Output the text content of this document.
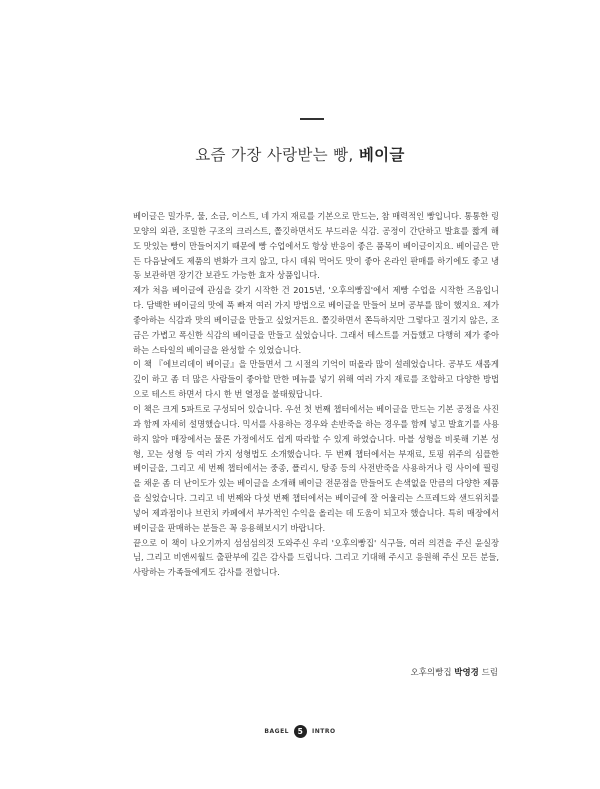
요즘 가장 사랑받는 빵, 베이글

베이글은 밀가루, 물, 소금, 이스트, 네 가지 재료를 기본으로 만드는, 참 매력적인 빵입니다. 통통한 링 모양의 외관, 조밀한 구조의 크러스트, 쫄깃하면서도 부드러운 식감. 공정이 간단하고 발효를 짧게 해도 맛있는 빵이 만들어지기 때문에 빵 수업에서도 항상 반응이 좋은 품목이 베이글이지요. 베이글은 만든 다음날에도 제품의 변화가 크지 않고, 다시 데워 먹어도 맛이 좋아 온라인 판매를 하기에도 좋고 냉동 보관하면 장기간 보관도 가능한 효자 상품입니다.

제가 처음 베이글에 관심을 갖기 시작한 건 2015년, '오후의빵집'에서 제빵 수업을 시작한 즈음입니다. 담백한 베이글의 맛에 푹 빠져 여러 가지 방법으로 베이글을 만들어 보며 공부를 많이 했지요. 제가 좋아하는 식감과 맛의 베이글을 만들고 싶었거든요. 쫄깃하면서 쫀득하지만 그렇다고 질기지 않은, 조금은 가볍고 폭신한 식감의 베이글을 만들고 싶었습니다. 그래서 테스트를 거듭했고 다행히 제가 좋아하는 스타일의 베이글을 완성할 수 있었습니다.

이 책 『에브리데이 베이글』을 만들면서 그 시절의 기억이 떠올라 많이 설레었습니다. 공부도 새롭게 깊이 하고 좀 더 많은 사람들이 좋아할 만한 메뉴를 넣기 위해 여러 가지 재료를 조합하고 다양한 방법으로 테스트 하면서 다시 한 번 열정을 불태웠답니다.

이 책은 크게 5파트로 구성되어 있습니다. 우선 첫 번째 챕터에서는 베이글을 만드는 기본 공정을 사진과 함께 자세히 설명했습니다. 믹서를 사용하는 경우와 손반죽을 하는 경우를 함께 넣고 발효기를 사용하지 않아 매장에서는 물론 가정에서도 쉽게 따라할 수 있게 하였습니다. 마블 성형을 비롯해 기본 성형, 꼬는 성형 등 여러 가지 성형법도 소개했습니다. 두 번째 챕터에서는 부재료, 토핑 위주의 심플한 베이글을, 그리고 세 번째 챕터에서는 중종, 폴리시, 탕종 등의 사전반죽을 사용하거나 링 사이에 필링을 채운 좀 더 난이도가 있는 베이글을 소개해 베이글 전문점을 만들어도 손색없을 만큼의 다양한 제품을 실었습니다. 그리고 네 번째와 다섯 번째 챕터에서는 베이글에 잘 어울리는 스프레드와 샌드위치를 넣어 제과점이나 브런치 카페에서 부가적인 수익을 올리는 데 도움이 되고자 했습니다. 특히 매장에서 베이글을 판매하는 분들은 꼭 응용해보시기 바랍니다.

끝으로 이 책이 나오기까지 섬섬섬의것 도와주신 우리 '오후의빵집' 식구들, 여러 의견을 주신 윤실장님, 그리고 비앤씨월드 출판부에 깊은 감사를 드립니다. 그리고 기대해 주시고 응원해 주신 모든 분들, 사랑하는 가족들에게도 감사를 전합니다.

오후의빵집 박영경 드림
BAGEL 5 INTRO
